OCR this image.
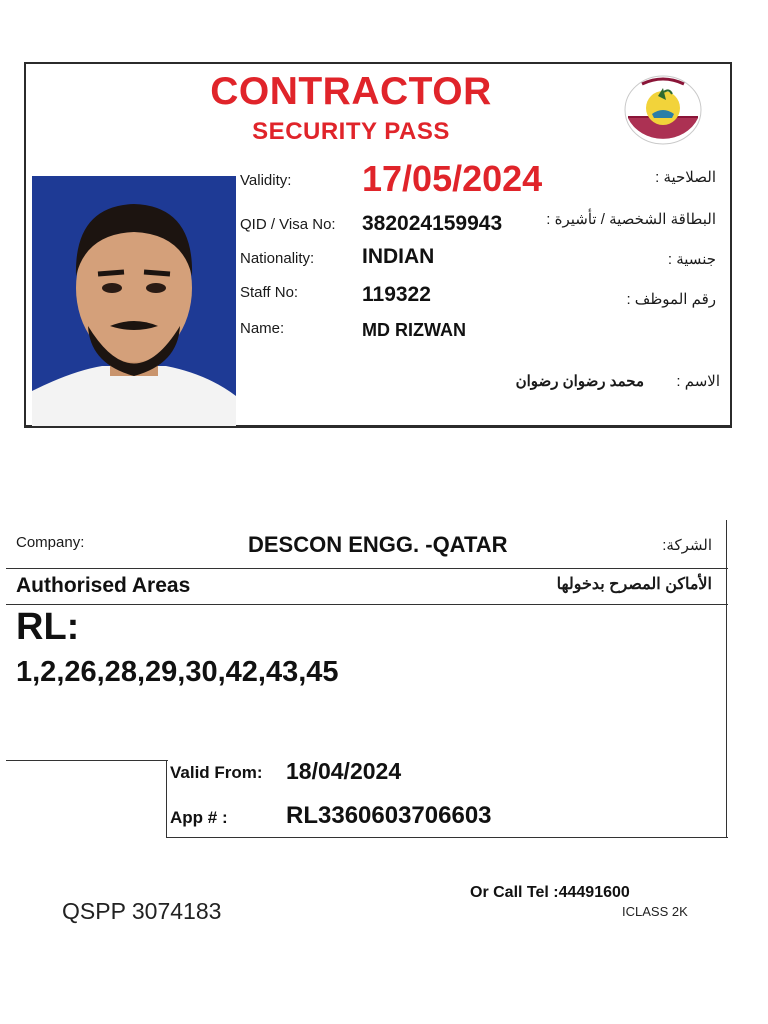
CONTRACTOR
SECURITY PASS
Validity: 17/05/2024	الصلاحية :
QID / Visa No: 382024159943	البطاقة الشخصية / تأشيرة :
Nationality: INDIAN	جنسية :
Staff No:	119322	رقم الموظف :
Name:	MD RIZWAN
الاسم :
محمد رضوان رضوان
Company:	DESCON ENGG. -QATAR	الشركة:
Authorised Areas	الأماكن المصرح بدخولها
RL:
1,2,26,28,29,30,42,43,45
Valid From: 18/04/2024
App # : RL3360603706603
QSPP 3074183
Or Call Tel :44491600
ICLASS 2K
